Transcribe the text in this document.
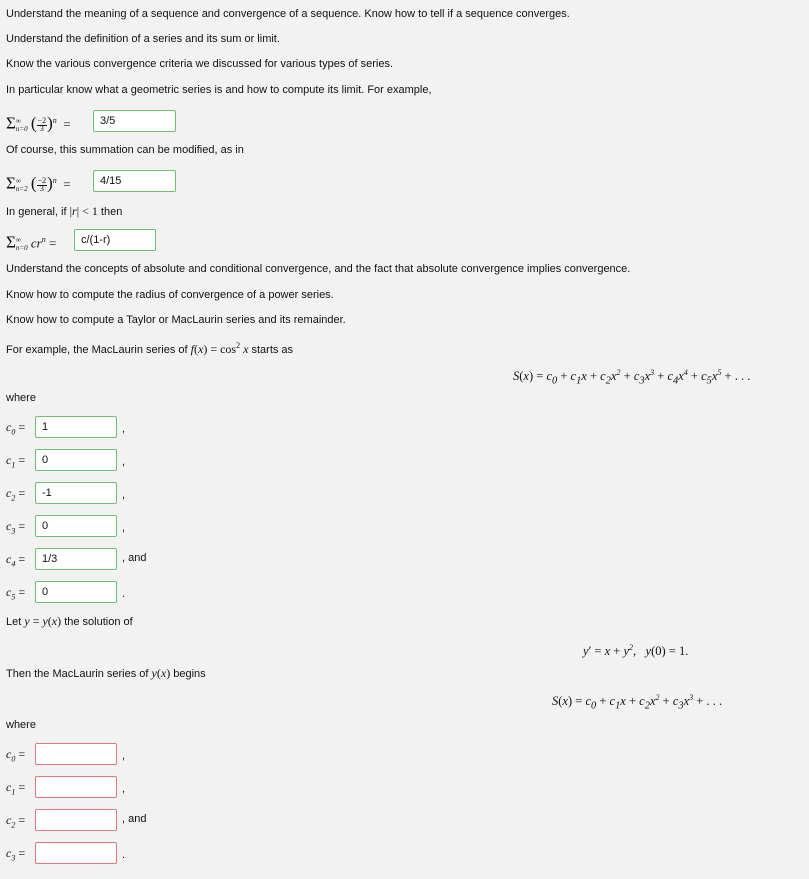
Understand the meaning of a sequence and convergence of a sequence. Know how to tell if a sequence converges.
Understand the definition of a series and its sum or limit.
Know the various convergence criteria we discussed for various types of series.
In particular know what a geometric series is and how to compute its limit. For example,
Σ∞
n=0 (−2
3 )$^n$  =
3/5
Of course, this summation can be modified, as in
Σ∞
n=2 (−2
3 )$^n$  =
4/15
In general, if |r| < 1 then
Σ∞
n=0 $cr^n$ =
c/(1-r)
Understand the concepts of absolute and conditional convergence, and the fact that absolute convergence implies convergence.
Know how to compute the radius of convergence of a power series.
Know how to compute a Taylor or MacLaurin series and its remainder.
For example, the MacLaurin series of $f(x) = \cos^2 x$ starts as
$S(x) = c_0 + c_1x + c_2x^2 + c_3x^3 + c_4x^4 + c_5x^5$ + . . .
where
$c_0$ =
1	,
$c_1$ =
0	,
$c_2$ =
-1	,
$c_3$ =
0	,
$c_4$ =
1/3	, and
$c_5$ =
0	.
Let y = y(x) the solution of
$y' = x + y^2$,   y(0) = 1.
Then the MacLaurin series of y(x) begins
$S(x) = c_0 + c_1x + c_2x^2 + c_3x^3$ + . . .
where
$c_0$ =	,
$c_1$ =	,
$c_2$ =	, and
$c_3$ =	.
